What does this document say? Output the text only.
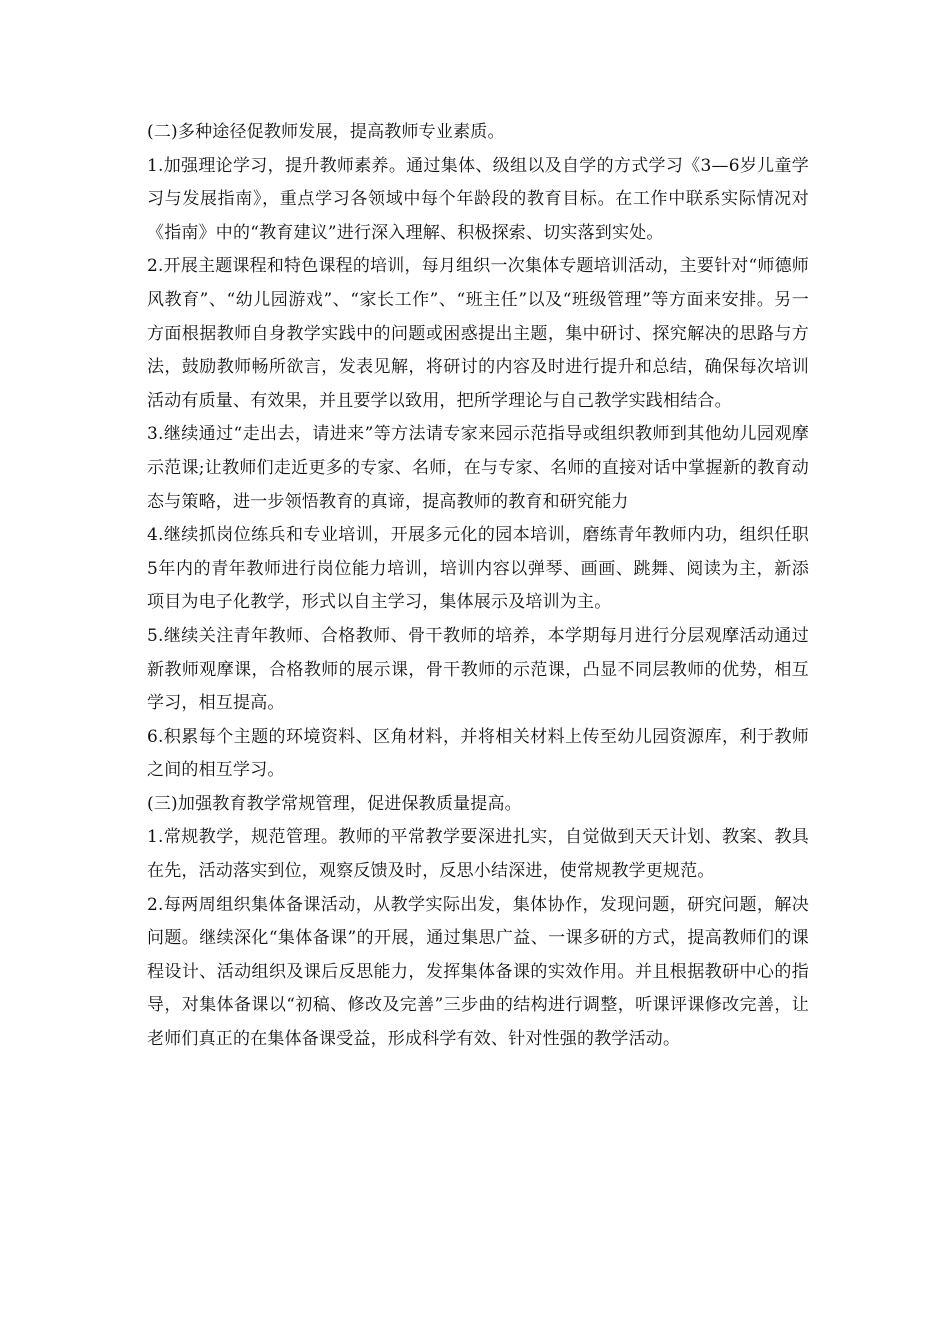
(二)多种途径促教师发展，提高教师专业素质。

1.加强理论学习，提升教师素养。通过集体、级组以及自学的方式学习《3—6岁儿童学习与发展指南》，重点学习各领域中每个年龄段的教育目标。在工作中联系实际情况对《指南》中的“教育建议”进行深入理解、积极探索、切实落到实处。

2.开展主题课程和特色课程的培训，每月组织一次集体专题培训活动，主要针对“师德师风教育”、“幼儿园游戏”、“家长工作”、“班主任”以及“班级管理”等方面来安排。另一方面根据教师自身教学实践中的问题或困惑提出主题，集中研讨、探究解决的思路与方法，鼓励教师畅所欲言，发表见解，将研讨的内容及时进行提升和总结，确保每次培训活动有质量、有效果，并且要学以致用，把所学理论与自己教学实践相结合。

3.继续通过“走出去，请进来”等方法请专家来园示范指导或组织教师到其他幼儿园观摩示范课;让教师们走近更多的专家、名师，在与专家、名师的直接对话中掌握新的教育动态与策略，进一步领悟教育的真谛，提高教师的教育和研究能力

4.继续抓岗位练兵和专业培训，开展多元化的园本培训，磨练青年教师内功，组织任职5年内的青年教师进行岗位能力培训，培训内容以弹琴、画画、跳舞、阅读为主，新添项目为电子化教学，形式以自主学习，集体展示及培训为主。

5.继续关注青年教师、合格教师、骨干教师的培养，本学期每月进行分层观摩活动通过新教师观摩课，合格教师的展示课，骨干教师的示范课，凸显不同层教师的优势，相互学习，相互提高。

6.积累每个主题的环境资料、区角材料，并将相关材料上传至幼儿园资源库，利于教师之间的相互学习。

(三)加强教育教学常规管理，促进保教质量提高。

1.常规教学，规范管理。教师的平常教学要深进扎实，自觉做到天天计划、教案、教具在先，活动落实到位，观察反馈及时，反思小结深进，使常规教学更规范。

2.每两周组织集体备课活动，从教学实际出发，集体协作，发现问题，研究问题，解决问题。继续深化“集体备课”的开展，通过集思广益、一课多研的方式，提高教师们的课程设计、活动组织及课后反思能力，发挥集体备课的实效作用。并且根据教研中心的指导，对集体备课以“初稿、修改及完善”三步曲的结构进行调整，听课评课修改完善，让老师们真正的在集体备课受益，形成科学有效、针对性强的教学活动。
